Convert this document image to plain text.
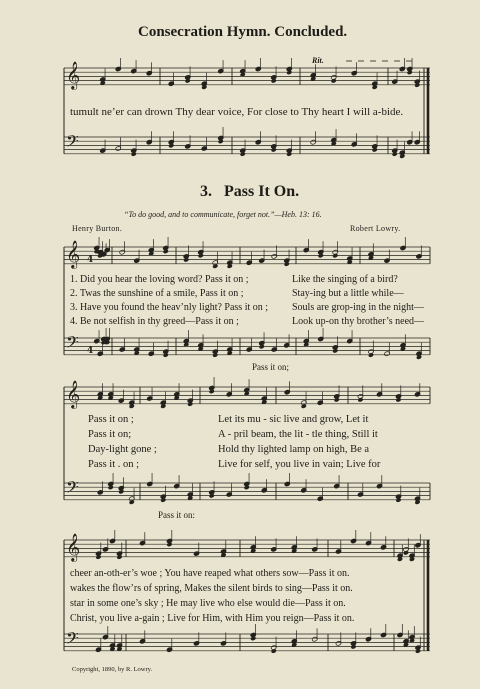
𝄞
𝄢
𝄞
𝄢
4
4
𝄞
𝄢
𝄞
𝄢
Consecration Hymn. Concluded.
Rit.
tumult ne’er can drown Thy dear voice, For close to Thy heart I will a-bide.
3. Pass It On.
“To do good, and to communicate, forget not.”—Heb. 13: 16.
Henry Burton.	Robert Lowry.
1. Did you hear the loving word? Pass it on ;
2. Twas the sunshine of a smile, Pass it on ;
3. Have you found the heav’nly light? Pass it on ;
4. Be not selfish in thy greed—Pass it on ;
Like the singing of a bird?
Stay-ing but a little while—
Souls are grop-ing in the night—
Look up-on thy brother’s need—
Pass it on;
Pass it on ;
Pass it on;
Day-light gone ;
Pass it . on ;
Let its mu - sic live and grow, Let it
A - pril beam, the lit - tle thing, Still it
Hold thy lighted lamp on high, Be a
Live for self, you live in vain; Live for
Pass it on:
cheer an-oth-er’s woe ; You have reaped what others sow—Pass it on.
wakes the flow’rs of spring, Makes the silent birds to sing—Pass it on.
star in some one’s sky ; He may live who else would die—Pass it on.
Christ, you live a-gain ; Live for Him, with Him you reign—Pass it on.
Copyright, 1890, by R. Lowry.
